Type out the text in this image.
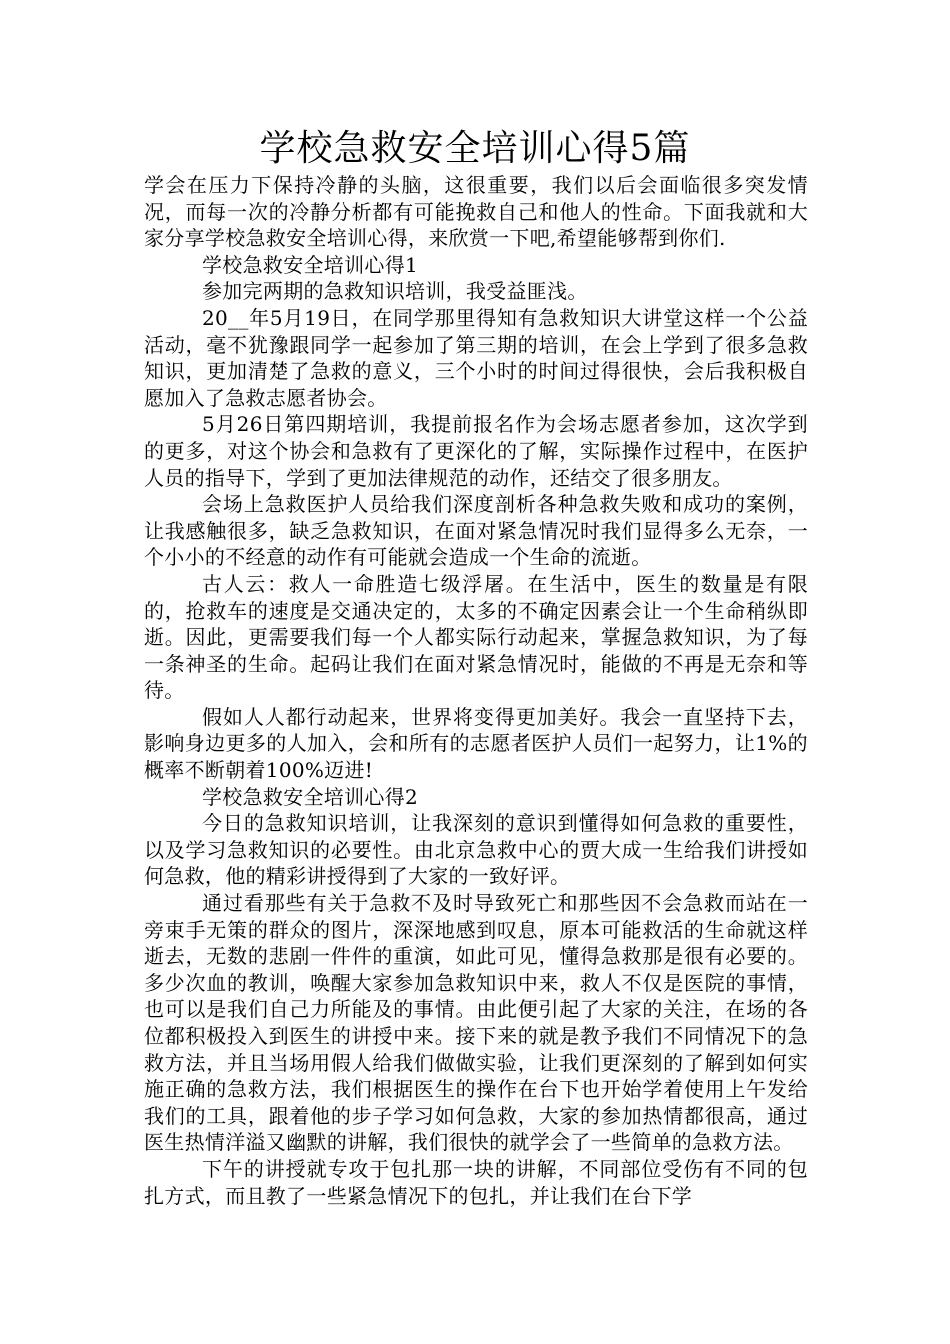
学校急救安全培训心得5篇

学会在压力下保持冷静的头脑，这很重要，我们以后会面临很多突发情况，而每一次的冷静分析都有可能挽救自己和他人的性命。下面我就和大家分享学校急救安全培训心得，来欣赏一下吧,希望能够帮到你们.

学校急救安全培训心得1

参加完两期的急救知识培训，我受益匪浅。

20__年5月19日，在同学那里得知有急救知识大讲堂这样一个公益活动，毫不犹豫跟同学一起参加了第三期的培训，在会上学到了很多急救知识，更加清楚了急救的意义，三个小时的时间过得很快，会后我积极自愿加入了急救志愿者协会。

5月26日第四期培训，我提前报名作为会场志愿者参加，这次学到的更多，对这个协会和急救有了更深化的了解，实际操作过程中，在医护人员的指导下，学到了更加法律规范的动作，还结交了很多朋友。

会场上急救医护人员给我们深度剖析各种急救失败和成功的案例，让我感触很多，缺乏急救知识，在面对紧急情况时我们显得多么无奈，一个小小的不经意的动作有可能就会造成一个生命的流逝。

古人云：救人一命胜造七级浮屠。在生活中，医生的数量是有限的，抢救车的速度是交通决定的，太多的不确定因素会让一个生命稍纵即逝。因此，更需要我们每一个人都实际行动起来，掌握急救知识，为了每一条神圣的生命。起码让我们在面对紧急情况时，能做的不再是无奈和等待。

假如人人都行动起来，世界将变得更加美好。我会一直坚持下去，影响身边更多的人加入，会和所有的志愿者医护人员们一起努力，让1%的概率不断朝着100%迈进!

学校急救安全培训心得2

今日的急救知识培训，让我深刻的意识到懂得如何急救的重要性，以及学习急救知识的必要性。由北京急救中心的贾大成一生给我们讲授如何急救，他的精彩讲授得到了大家的一致好评。

通过看那些有关于急救不及时导致死亡和那些因不会急救而站在一旁束手无策的群众的图片，深深地感到叹息，原本可能救活的生命就这样逝去，无数的悲剧一件件的重演，如此可见，懂得急救那是很有必要的。多少次血的教训，唤醒大家参加急救知识中来，救人不仅是医院的事情，也可以是我们自己力所能及的事情。由此便引起了大家的关注，在场的各位都积极投入到医生的讲授中来。接下来的就是教予我们不同情况下的急救方法，并且当场用假人给我们做做实验，让我们更深刻的了解到如何实施正确的急救方法，我们根据医生的操作在台下也开始学着使用上午发给我们的工具，跟着他的步子学习如何急救，大家的参加热情都很高，通过医生热情洋溢又幽默的讲解，我们很快的就学会了一些简单的急救方法。

下午的讲授就专攻于包扎那一块的讲解，不同部位受伤有不同的包扎方式，而且教了一些紧急情况下的包扎，并让我们在台下学
